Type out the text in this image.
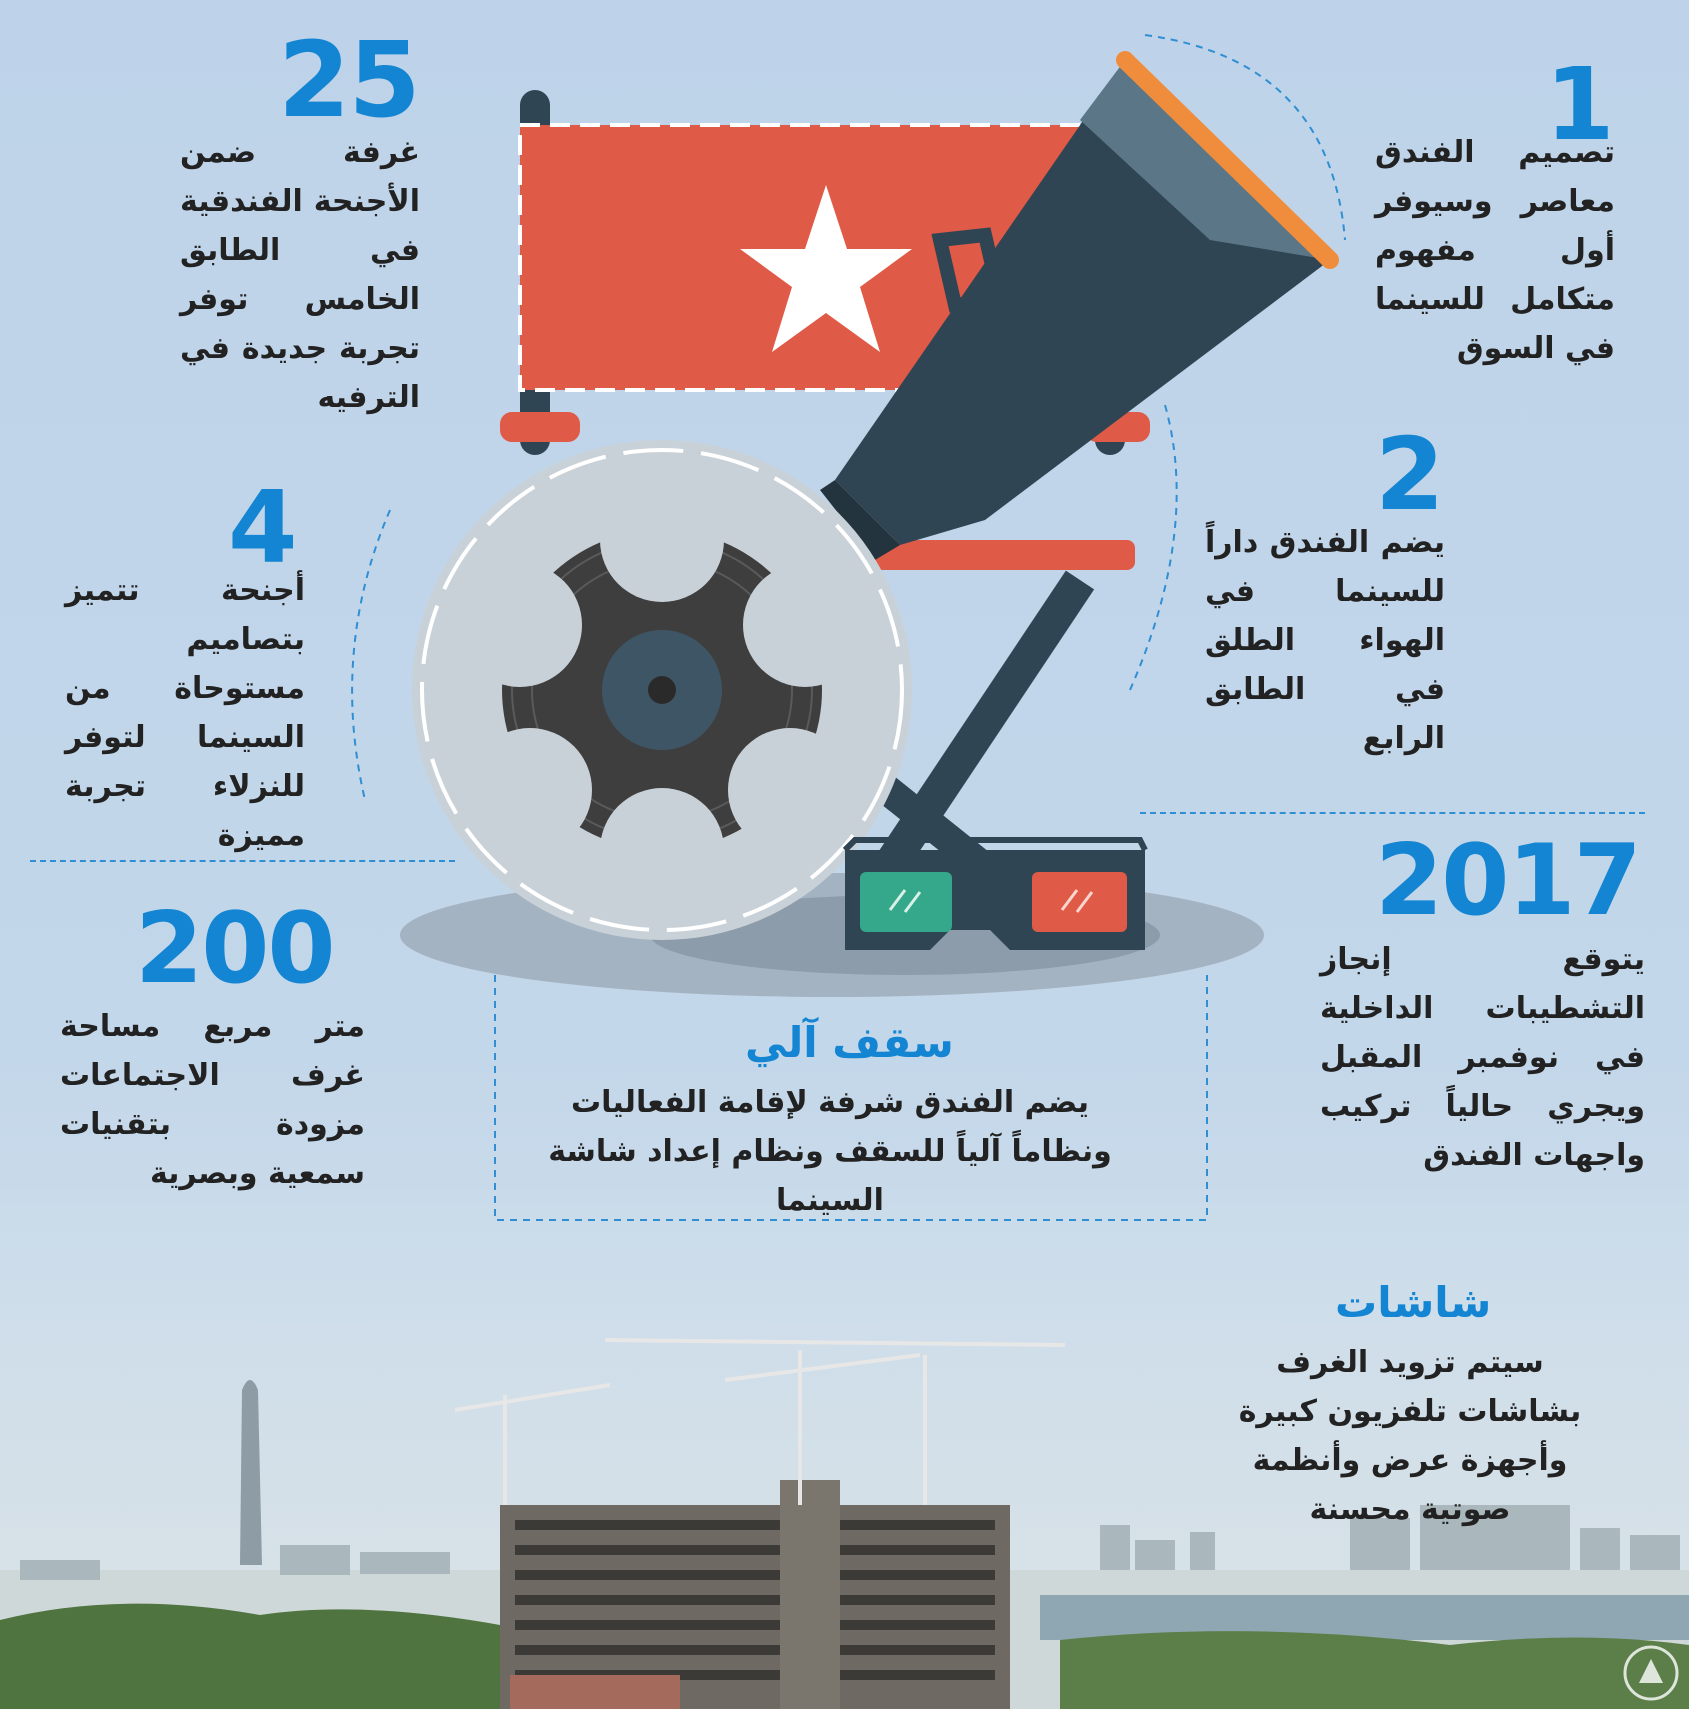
1
تصميم الفندق معاصر وسيوفر أول مفهوم متكامل للسينما في السوق
2
يضم الفندق داراً للسينما في الهواء الطلق في الطابق الرابع
2017
يتوقع إنجاز التشطيبات الداخلية في نوفمبر المقبل ويجري حالياً تركيب واجهات الفندق
25
غرفة ضمن الأجنحة الفندقية في الطابق الخامس توفر تجربة جديدة في الترفيه
4
أجنحة تتميز بتصاميم مستوحاة من السينما لتوفر للنزلاء تجربة مميزة
200
متر مربع مساحة غرف الاجتماعات مزودة بتقنيات سمعية وبصرية
سقف آلي
يضم الفندق شرفة لإقامة الفعاليات ونظاماً آلياً للسقف ونظام إعداد شاشة السينما
شاشات
سيتم تزويد الغرف بشاشات تلفزيون كبيرة وأجهزة عرض وأنظمة صوتية محسنة
